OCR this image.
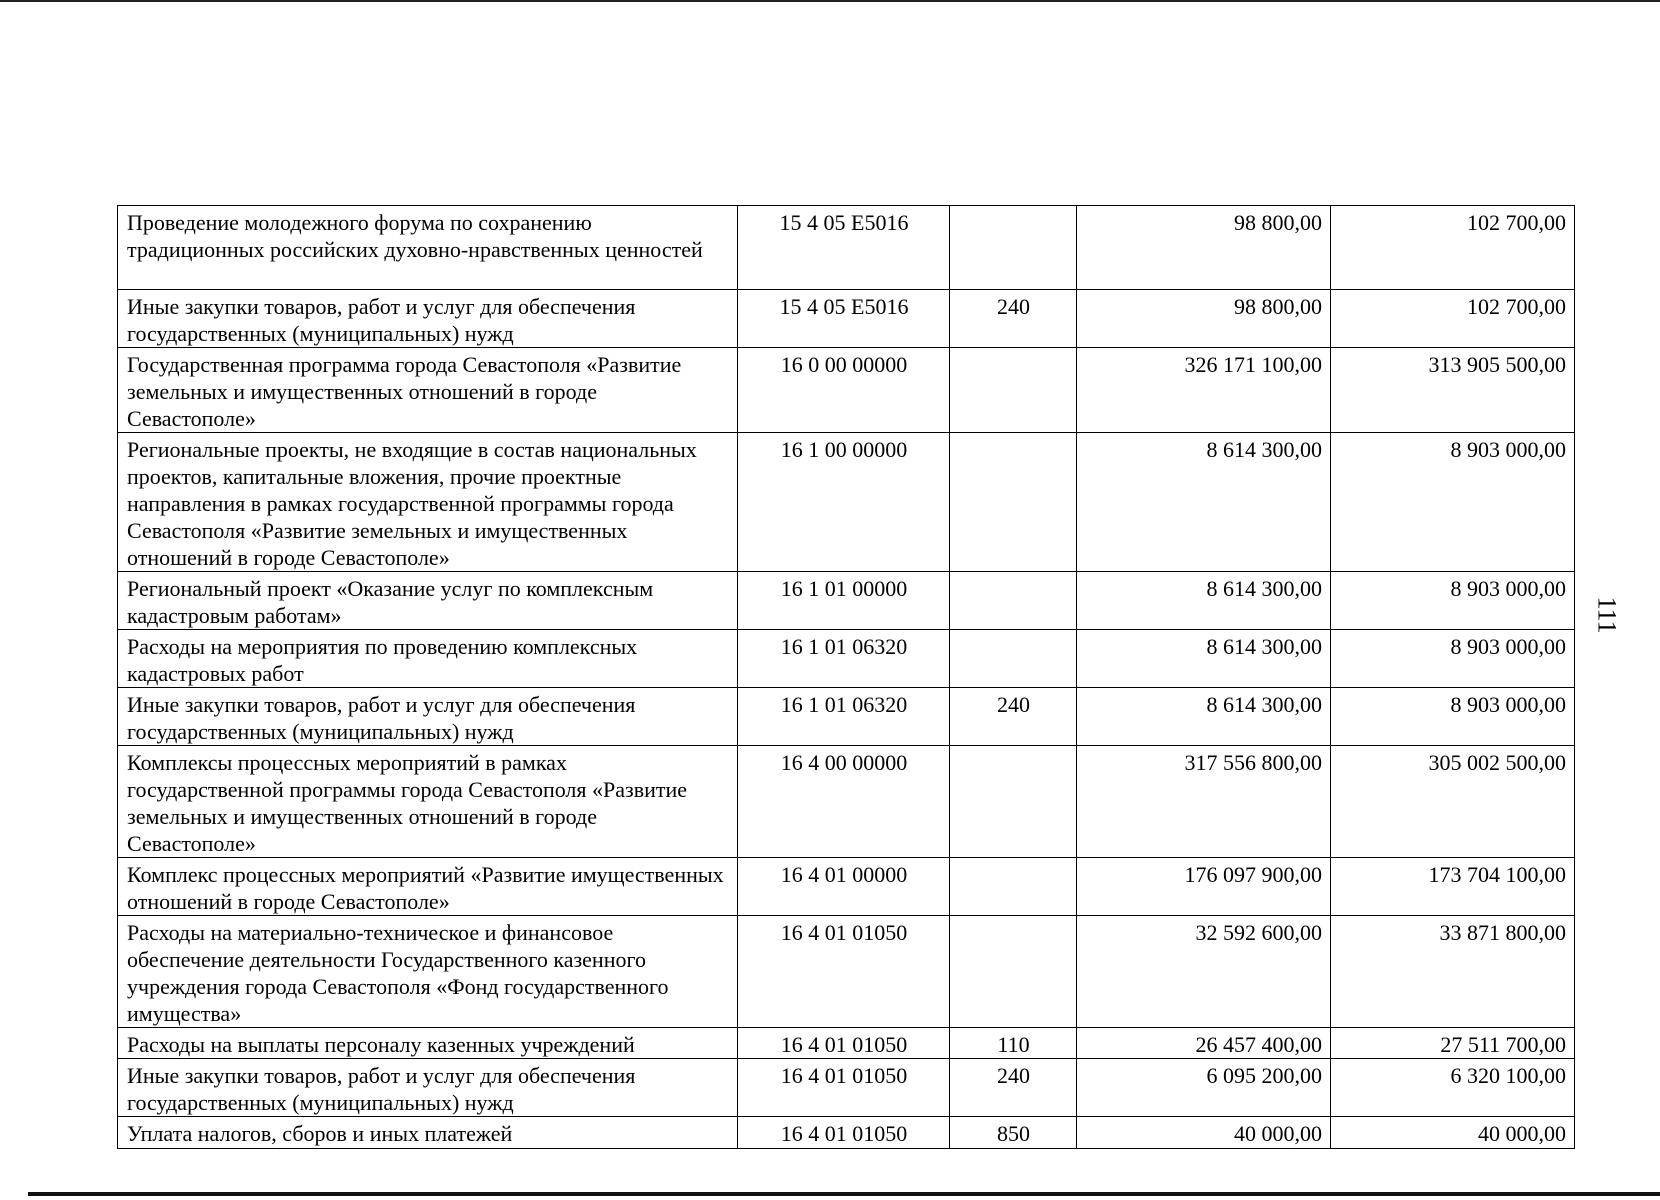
Проведение молодежного форума по сохранению традиционных российских духовно-нравственных ценностей	15 4 05 E5016		98 800,00	102 700,00
Иные закупки товаров, работ и услуг для обеспечения государственных (муниципальных) нужд	15 4 05 E5016	240	98 800,00	102 700,00
Государственная программа города Севастополя «Развитие земельных и имущественных отношений в городе Севастополе»	16 0 00 00000		326 171 100,00	313 905 500,00
Региональные проекты, не входящие в состав национальных проектов, капитальные вложения, прочие проектные направления в рамках государственной программы города Севастополя «Развитие земельных и имущественных отношений в городе Севастополе»	16 1 00 00000		8 614 300,00	8 903 000,00
Региональный проект «Оказание услуг по комплексным кадастровым работам»	16 1 01 00000		8 614 300,00	8 903 000,00
Расходы на мероприятия по проведению комплексных кадастровых работ	16 1 01 06320		8 614 300,00	8 903 000,00
Иные закупки товаров, работ и услуг для обеспечения государственных (муниципальных) нужд	16 1 01 06320	240	8 614 300,00	8 903 000,00
Комплексы процессных мероприятий в рамках государственной программы города Севастополя «Развитие земельных и имущественных отношений в городе Севастополе»	16 4 00 00000		317 556 800,00	305 002 500,00
Комплекс процессных мероприятий «Развитие имущественных отношений в городе Севастополе»	16 4 01 00000		176 097 900,00	173 704 100,00
Расходы на материально-техническое и финансовое обеспечение деятельности Государственного казенного учреждения города Севастополя «Фонд государственного имущества»	16 4 01 01050		32 592 600,00	33 871 800,00
Расходы на выплаты персоналу казенных учреждений	16 4 01 01050	110	26 457 400,00	27 511 700,00
Иные закупки товаров, работ и услуг для обеспечения государственных (муниципальных) нужд	16 4 01 01050	240	6 095 200,00	6 320 100,00
Уплата налогов, сборов и иных платежей	16 4 01 01050	850	40 000,00	40 000,00
111
